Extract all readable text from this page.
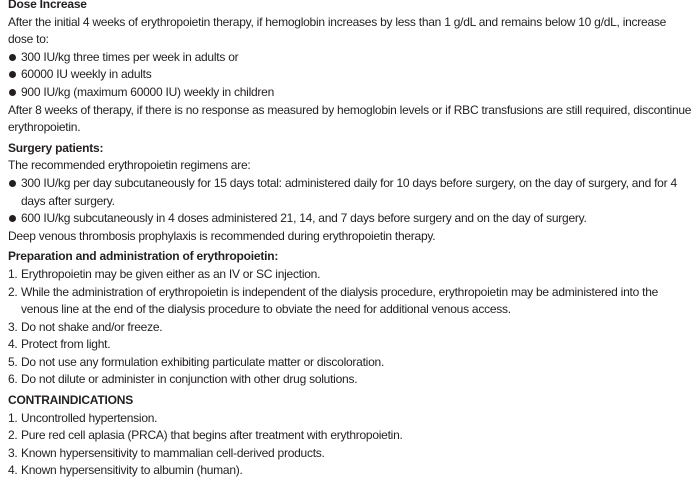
Dose Increase

After the initial 4 weeks of erythropoietin therapy, if hemoglobin increases by less than 1 g/dL and remains below 10 g/dL, increase dose to:

300 IU/kg three times per week in adults or
60000 IU weekly in adults
900 IU/kg (maximum 60000 IU) weekly in children

After 8 weeks of therapy, if there is no response as measured by hemoglobin levels or if RBC transfusions are still required, discontinue erythropoietin.

Surgery patients:

The recommended erythropoietin regimens are:

300 IU/kg per day subcutaneously for 15 days total: administered daily for 10 days before surgery, on the day of surgery, and for 4 days after surgery.
600 IU/kg subcutaneously in 4 doses administered 21, 14, and 7 days before surgery and on the day of surgery.

Deep venous thrombosis prophylaxis is recommended during erythropoietin therapy.

Preparation and administration of erythropoietin:

1. Erythropoietin may be given either as an IV or SC injection.
2. While the administration of erythropoietin is independent of the dialysis procedure, erythropoietin may be administered into the venous line at the end of the dialysis procedure to obviate the need for additional venous access.
3. Do not shake and/or freeze.
4. Protect from light.
5. Do not use any formulation exhibiting particulate matter or discoloration.
6. Do not dilute or administer in conjunction with other drug solutions.

CONTRAINDICATIONS

1. Uncontrolled hypertension.
2. Pure red cell aplasia (PRCA) that begins after treatment with erythropoietin.
3. Known hypersensitivity to mammalian cell-derived products.
4. Known hypersensitivity to albumin (human).
